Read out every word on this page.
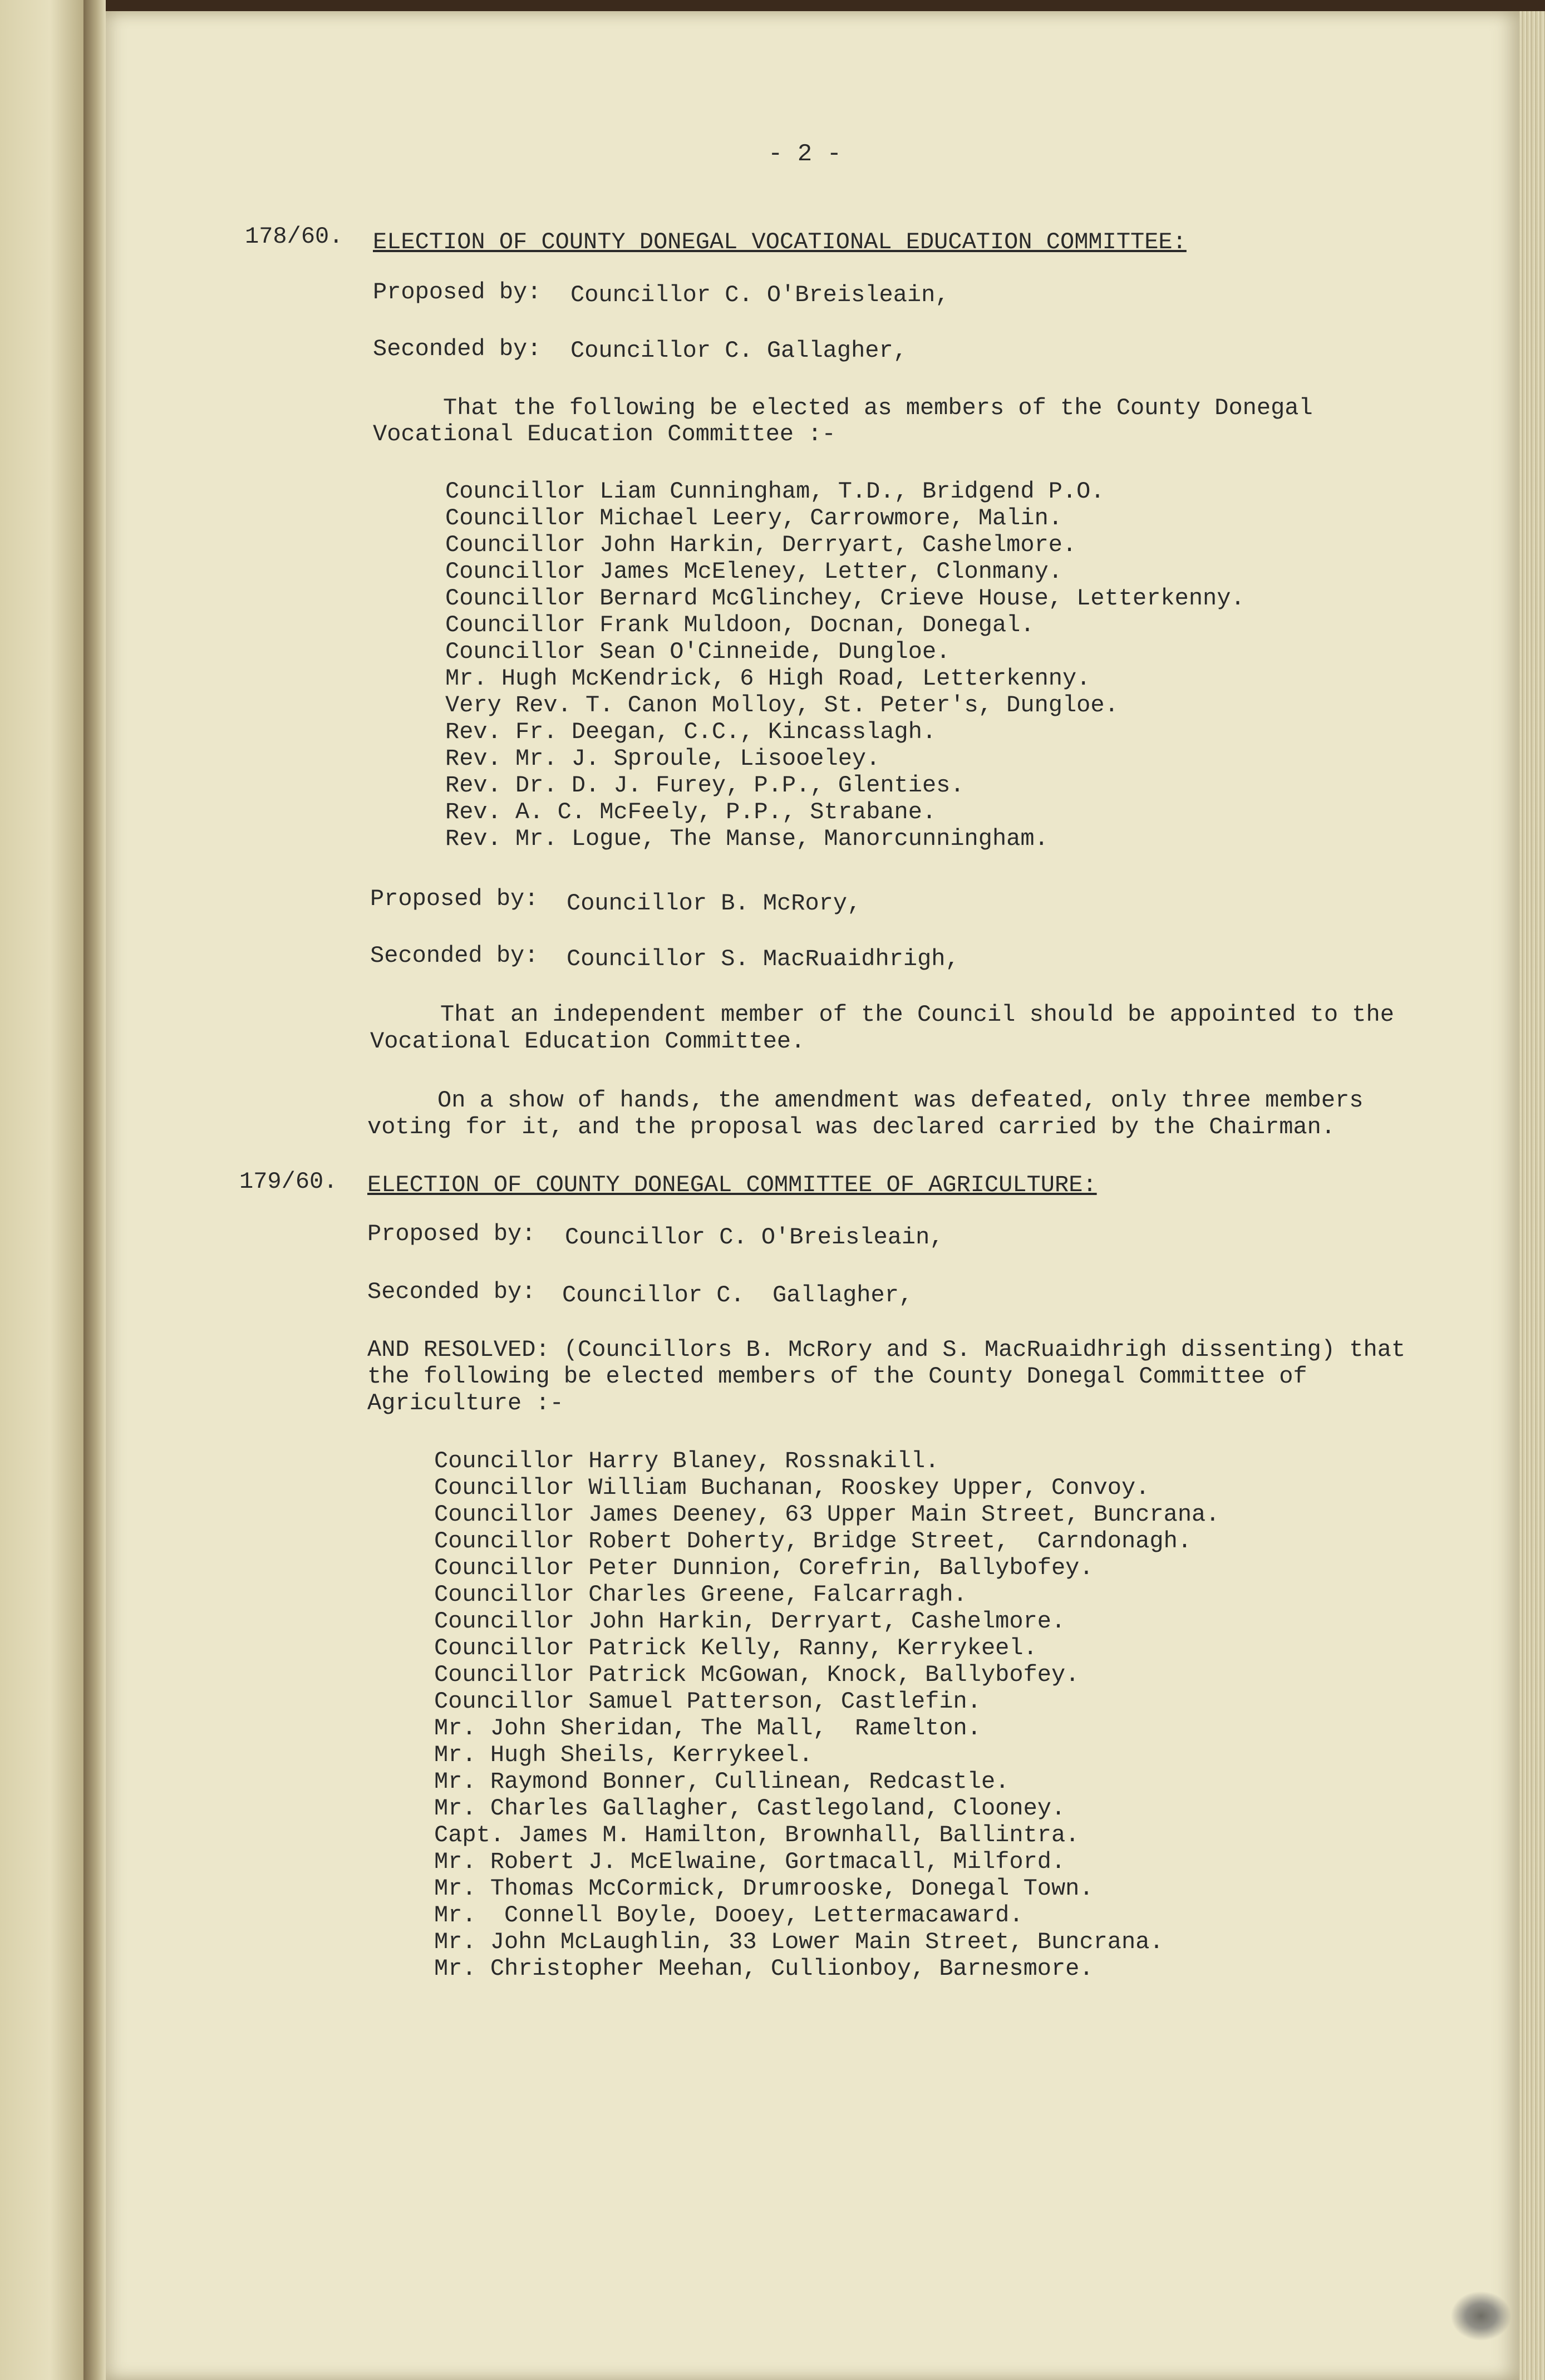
- 2 -
178/60. ELECTION OF COUNTY DONEGAL VOCATIONAL EDUCATION COMMITTEE:
Proposed by: Councillor C. O'Breisleain,
Seconded by: Councillor C. Gallagher,
That the following be elected as members of the County Donegal
Vocational Education Committee :-
Councillor Liam Cunningham, T.D., Bridgend P.O.
Councillor Michael Leery, Carrowmore, Malin.
Councillor John Harkin, Derryart, Cashelmore.
Councillor James McEleney, Letter, Clonmany.
Councillor Bernard McGlinchey, Crieve House, Letterkenny.
Councillor Frank Muldoon, Docnan, Donegal.
Councillor Sean O'Cinneide, Dungloe.
Mr. Hugh McKendrick, 6 High Road, Letterkenny.
Very Rev. T. Canon Molloy, St. Peter's, Dungloe.
Rev. Fr. Deegan, C.C., Kincasslagh.
Rev. Mr. J. Sproule, Lisooeley.
Rev. Dr. D. J. Furey, P.P., Glenties.
Rev. A. C. McFeely, P.P., Strabane.
Rev. Mr. Logue, The Manse, Manorcunningham.
Proposed by: Councillor B. McRory,
Seconded by: Councillor S. MacRuaidhrigh,
That an independent member of the Council should be appointed to the
Vocational Education Committee.
On a show of hands, the amendment was defeated, only three members
voting for it, and the proposal was declared carried by the Chairman.
179/60. ELECTION OF COUNTY DONEGAL COMMITTEE OF AGRICULTURE:
Proposed by: Councillor C. O'Breisleain,
Seconded by: Councillor C.  Gallagher,
AND RESOLVED: (Councillors B. McRory and S. MacRuaidhrigh dissenting) that
the following be elected members of the County Donegal Committee of
Agriculture :-
Councillor Harry Blaney, Rossnakill.
Councillor William Buchanan, Rooskey Upper, Convoy.
Councillor James Deeney, 63 Upper Main Street, Buncrana.
Councillor Robert Doherty, Bridge Street,  Carndonagh.
Councillor Peter Dunnion, Corefrin, Ballybofey.
Councillor Charles Greene, Falcarragh.
Councillor John Harkin, Derryart, Cashelmore.
Councillor Patrick Kelly, Ranny, Kerrykeel.
Councillor Patrick McGowan, Knock, Ballybofey.
Councillor Samuel Patterson, Castlefin.
Mr. John Sheridan, The Mall,  Ramelton.
Mr. Hugh Sheils, Kerrykeel.
Mr. Raymond Bonner, Cullinean, Redcastle.
Mr. Charles Gallagher, Castlegoland, Clooney.
Capt. James M. Hamilton, Brownhall, Ballintra.
Mr. Robert J. McElwaine, Gortmacall, Milford.
Mr. Thomas McCormick, Drumrooske, Donegal Town.
Mr.  Connell Boyle, Dooey, Lettermacaward.
Mr. John McLaughlin, 33 Lower Main Street, Buncrana.
Mr. Christopher Meehan, Cullionboy, Barnesmore.
